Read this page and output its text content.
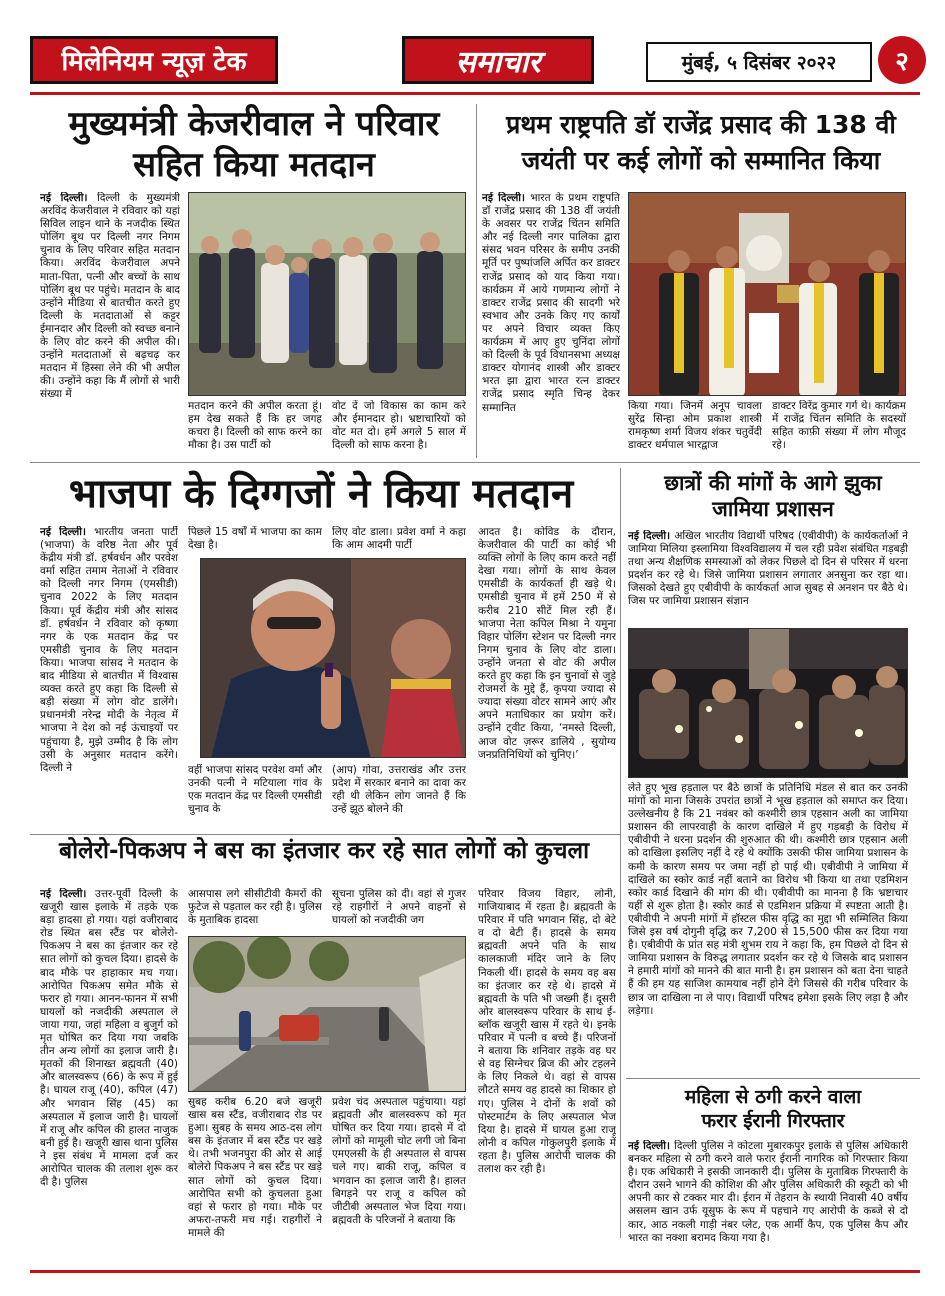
मिलेनियम न्यूज़ टेक	समाचार	मुंबई, ५ दिसंबर २०२२	२
मुख्यमंत्री केजरीवाल ने परिवार
सहित किया मतदान
नई दिल्ली। दिल्ली के मुख्यमंत्री अरविंद केजरीवाल ने रविवार को यहां सिविल लाइन थाने के नजदीक स्थित पोलिंग बूथ पर दिल्ली नगर निगम चुनाव के लिए परिवार सहित मतदान किया। अरविंद केजरीवाल अपने माता-पिता, पत्नी और बच्चों के साथ पोलिंग बूथ पर पहुंचे। मतदान के बाद उन्होंने मीडिया से बातचीत करते हुए दिल्ली के मतदाताओं से कट्टर ईमानदार और दिल्ली को स्वच्छ बनाने के लिए वोट करने की अपील की। उन्होंने मतदाताओं से बढ़चढ़ कर मतदान में हिस्सा लेने की भी अपील की। उन्होंने कहा कि मैं लोगों से भारी संख्या में
मतदान करने की अपील करता हूं। हम देख सकते हैं कि हर जगह कचरा है। दिल्ली को साफ करने का मौका है। उस पार्टी को
वोट दें जो विकास का काम करे और ईमानदार हो। भ्रष्टाचारियों को वोट मत दो। हमें अगले 5 साल में दिल्ली को साफ करना है।
प्रथम राष्ट्रपति डॉ राजेंद्र प्रसाद की 138 वी
जयंती पर कई लोगों को सम्मानित किया
नई दिल्ली। भारत के प्रथम राष्ट्रपति डॉ राजेंद्र प्रसाद की 138 वीं जयंती के अवसर पर राजेंद्र चिंतन समिति और नई दिल्ली नगर पालिका द्वारा संसद भवन परिसर के समीप उनकी मूर्ति पर पुष्पांजलि अर्पित कर डाक्टर राजेंद्र प्रसाद को याद किया गया। कार्यक्रम में आये गणमान्य लोगों ने डाक्टर राजेंद्र प्रसाद की सादगी भरे स्वभाव और उनके किए गए कार्यों पर अपने विचार व्यक्त किए कार्यक्रम में आए हुए चुनिंदा लोगों को दिल्ली के पूर्व विधानसभा अध्यक्ष डाक्टर योगानंद शास्त्री और डाक्टर भरत झा द्वारा भारत रत्न डाक्टर राजेंद्र प्रसाद स्मृति चिन्ह देकर सम्मानित	किया गया। जिनमें अनूप चावला सुरेंद्र सिन्हा ओम प्रकाश शास्त्री रामकृष्ण शर्मा विजय शंकर चतुर्वेदी डाक्टर धर्मपाल भारद्वाज
डाक्टर विरेंद्र कुमार गर्ग थे। कार्यक्रम में राजेंद्र चिंतन समिति के सदस्यों सहित काफ़ी संख्या में लोग मौजूद रहे।
भाजपा के दिग्गजों ने किया मतदान
नई दिल्ली। भारतीय जनता पार्टी (भाजपा) के वरिष्ठ नेता और पूर्व केंद्रीय मंत्री डॉ. हर्षवर्धन और परवेश वर्मा सहित तमाम नेताओं ने रविवार को दिल्ली नगर निगम (एमसीडी) चुनाव 2022 के लिए मतदान किया। पूर्व केंद्रीय मंत्री और सांसद डॉ. हर्षवर्धन ने रविवार को कृष्णा नगर के एक मतदान केंद्र पर एमसीडी चुनाव के लिए मतदान किया। भाजपा सांसद ने मतदान के बाद मीडिया से बातचीत में विश्वास व्यक्त करते हुए कहा कि दिल्ली से बड़ी संख्या में लोग वोट डालेंगे। प्रधानमंत्री नरेन्द्र मोदी के नेतृत्व में भाजपा ने देश को नई ऊंचाइयों पर पहुंचाया है, मुझे उम्मीद है कि लोग उसी के अनुसार मतदान करेंगे। दिल्ली ने
पिछले 15 वर्षों में भाजपा का काम देखा है।
लिए वोट डाला। प्रवेश वर्मा ने कहा कि आम आदमी पार्टी
वहीं भाजपा सांसद परवेश वर्मा और उनकी पत्नी ने मटियाला गांव के एक मतदान केंद्र पर दिल्ली एमसीडी चुनाव के
(आप) गोवा, उत्तराखंड और उत्तर प्रदेश में सरकार बनाने का दावा कर रही थी लेकिन लोग जानते हैं कि उन्हें झूठ बोलने की
आदत है। कोविड के दौरान, केजरीवाल की पार्टी का कोई भी व्यक्ति लोगों के लिए काम करते नहीं देखा गया। लोगों के साथ केवल एमसीडी के कार्यकर्ता ही खड़े थे। एमसीडी चुनाव में हमें 250 में से करीब 210 सीटें मिल रही हैं। भाजपा नेता कपिल मिश्रा ने यमुना विहार पोलिंग स्टेशन पर दिल्ली नगर निगम चुनाव के लिए वोट डाला। उन्होंने जनता से वोट की अपील करते हुए कहा कि इन चुनावों से जुड़े रोजमर्रा के मुद्दे हैं, कृपया ज्यादा से ज्यादा संख्या वोटर सामने आएं और अपने मताधिकार का प्रयोग करें। उन्होंने ट्वीट किया, ‘नमस्ते दिल्ली, आज वोट ज़रूर डालिये , सुयोग्य जनप्रतिनिधियों को चुनिए।’
छात्रों की मांगों के आगे झुका
जामिया प्रशासन
नई दिल्ली। अखिल भारतीय विद्यार्थी परिषद (एबीवीपी) के कार्यकर्ताओं ने जामिया मिलिया इस्लामिया विश्वविद्यालय में चल रही प्रवेश संबंधित गड़बड़ी तथा अन्य शैक्षणिक समस्याओं को लेकर पिछले दो दिन से परिसर में धरना प्रदर्शन कर रहे थे। जिसे जामिया प्रशासन लगातार अनसुना कर रहा था। जिसको देखते हुए एबीवीपी के कार्यकर्ता आज सुबह से अनशन पर बैठे थे। जिस पर जामिया प्रशासन संज्ञान
लेते हुए भूख हड़ताल पर बैठे छात्रों के प्रतिनिधि मंडल से बात कर उनकी मांगों को माना जिसके उपरांत छात्रों ने भूख हड़ताल को समाप्त कर दिया। उल्लेखनीय है कि 21 नवंबर को कश्मीरी छात्र एहसान अली का जामिया प्रशासन की लापरवाही के कारण दाखिले में हुए गड़बड़ी के विरोध में एबीवीपी ने धरना प्रदर्शन की शुरुआत की थी। कश्मीरी छात्र एहसान अली को दाखिला इसलिए नहीं दे रहे थे क्योंकि उसकी फीस जामिया प्रशासन के कमी के कारण समय पर जमा नहीं हो पाई थी। एबीवीपी ने जामिया में दाखिले का स्कोर कार्ड नहीं बताने का विरोध भी किया था तथा एडमिशन स्कोर कार्ड दिखाने की मांग की थी। एबीवीपी का मानना है कि भ्रष्टाचार यहीं से शुरू होता है। स्कोर कार्ड से एडमिशन प्रक्रिया में स्पष्टता आती है। एबीवीपी ने अपनी मांगों में हॉस्टल फीस वृद्धि का मुद्दा भी सम्मिलित किया जिसे इस वर्ष दोगुनी वृद्धि कर 7,200 से 15,500 फीस कर दिया गया है। एबीवीपी के प्रांत सह मंत्री शुभम राय ने कहा कि, हम पिछले दो दिन से जामिया प्रशासन के विरुद्ध लगातार प्रदर्शन कर रहे थे जिसके बाद प्रशासन ने हमारी मांगों को मानने की बात मानी है। हम प्रशासन को बता देना चाहते हैं की हम यह साजिश कामयाब नहीं होने देंगे जिससे की गरीब परिवार के छात्र जा दाखिला ना ले पाए। विद्यार्थी परिषद हमेशा इसके लिए लड़ा है और लड़ेगा।
महिला से ठगी करने वाला
फरार ईरानी गिरफ्तार
नई दिल्ली। दिल्ली पुलिस ने कोटला मुबारकपुर इलाके से पुलिस अधिकारी बनकर महिला से ठगी करने वाले फरार ईरानी नागरिक को गिरफ्तार किया है। एक अधिकारी ने इसकी जानकारी दी। पुलिस के मुताबिक गिरफ्तारी के दौरान उसने भागने की कोशिश की और पुलिस अधिकारी की स्कूटी को भी अपनी कार से टक्कर मार दी। ईरान में तेहरान के स्थायी निवासी 40 वर्षीय असलम खान उर्फ यूसुफ के रूप में पहचाने गए आरोपी के कब्जे से दो कार, आठ नकली गाड़ी नंबर प्लेट, एक आर्मी कैप, एक पुलिस कैप और भारत का नक्शा बरामद किया गया है।
बोलेरो-पिकअप ने बस का इंतजार कर रहे सात लोगों को कुचला
नई दिल्ली। उत्तर-पूर्वी दिल्ली के खजूरी खास इलाके में तड़के एक बड़ा हादसा हो गया। यहां वजीराबाद रोड स्थित बस स्टैंड पर बोलेरो-पिकअप ने बस का इंतजार कर रहे सात लोगों को कुचल दिया। हादसे के बाद मौके पर हाहाकार मच गया। आरोपित पिकअप समेत मौके से फरार हो गया। आनन-फानन में सभी घायलों को नजदीकी अस्पताल ले जाया गया, जहां महिला व बुजुर्ग को मृत घोषित कर दिया गया जबकि तीन अन्य लोगों का इलाज जारी है। मृतकों की शिनाख्त ब्रह्मवती (40) और बालस्वरूप (66) के रूप में हुई है। घायल राजू (40), कपिल (47) और भगवान सिंह (45) का अस्पताल में इलाज जारी है। घायलों में राजू और कपिल की हालत नाजुक बनी हुई है। खजूरी खास थाना पुलिस ने इस संबंध में मामला दर्ज कर आरोपित चालक की तलाश शुरू कर दी है। पुलिस
आसपास लगे सीसीटीवी कैमरों की फुटेज से पड़ताल कर रही है। पुलिस के मुताबिक हादसा
सूचना पुलिस को दी। वहां से गुजर रहे राहगीरों ने अपने वाहनों से घायलों को नजदीकी जग
सुबह करीब 6.20 बजे खजूरी खास बस स्टैंड, वजीराबाद रोड पर हुआ। सुबह के समय आठ-दस लोग बस के इंतजार में बस स्टैंड पर खड़े थे। तभी भजनपुरा की ओर से आई बोलेरो पिकअप ने बस स्टैंड पर खड़े सात लोगों को कुचल दिया। आरोपित सभी को कुचलता हुआ वहां से फरार हो गया। मौके पर अफरा-तफरी मच गई। राहगीरों ने मामले की
प्रवेश चंद अस्पताल पहुंचाया। यहां ब्रह्मवती और बालस्वरूप को मृत घोषित कर दिया गया। हादसे में दो लोगों को मामूली चोट लगी जो बिना एमएलसी के ही अस्पताल से वापस चले गए। बाकी राजू, कपिल व भगवान का इलाज जारी है। हालत बिगड़ने पर राजू व कपिल को जीटीबी अस्पताल भेज दिया गया। ब्रह्मवती के परिजनों ने बताया कि
परिवार विजय विहार, लोनी, गाजियाबाद में रहता है। ब्रह्मवती के परिवार में पति भगवान सिंह, दो बेटे व दो बेटी हैं। हादसे के समय ब्रह्मवती अपने पति के साथ कालकाजी मंदिर जाने के लिए निकली थीं। हादसे के समय वह बस का इंतजार कर रहे थे। हादसे में ब्रह्मवती के पति भी जख्मी हैं। दूसरी ओर बालस्वरूप परिवार के साथ ई-ब्लॉक खजूरी खास में रहते थे। इनके परिवार में पत्नी व बच्चे हैं। परिजनों ने बताया कि शनिवार तड़के वह घर से वह सिग्नेचर ब्रिज की ओर टहलने के लिए निकले थे। वहां से वापस लौटते समय वह हादसे का शिकार हो गए। पुलिस ने दोनों के शवों को पोस्टमार्टम के लिए अस्पताल भेज दिया है। हादसे में घायल हुआ राजू लोनी व कपिल गोकुलपुरी इलाके में रहता है। पुलिस आरोपी चालक की तलाश कर रही है।
